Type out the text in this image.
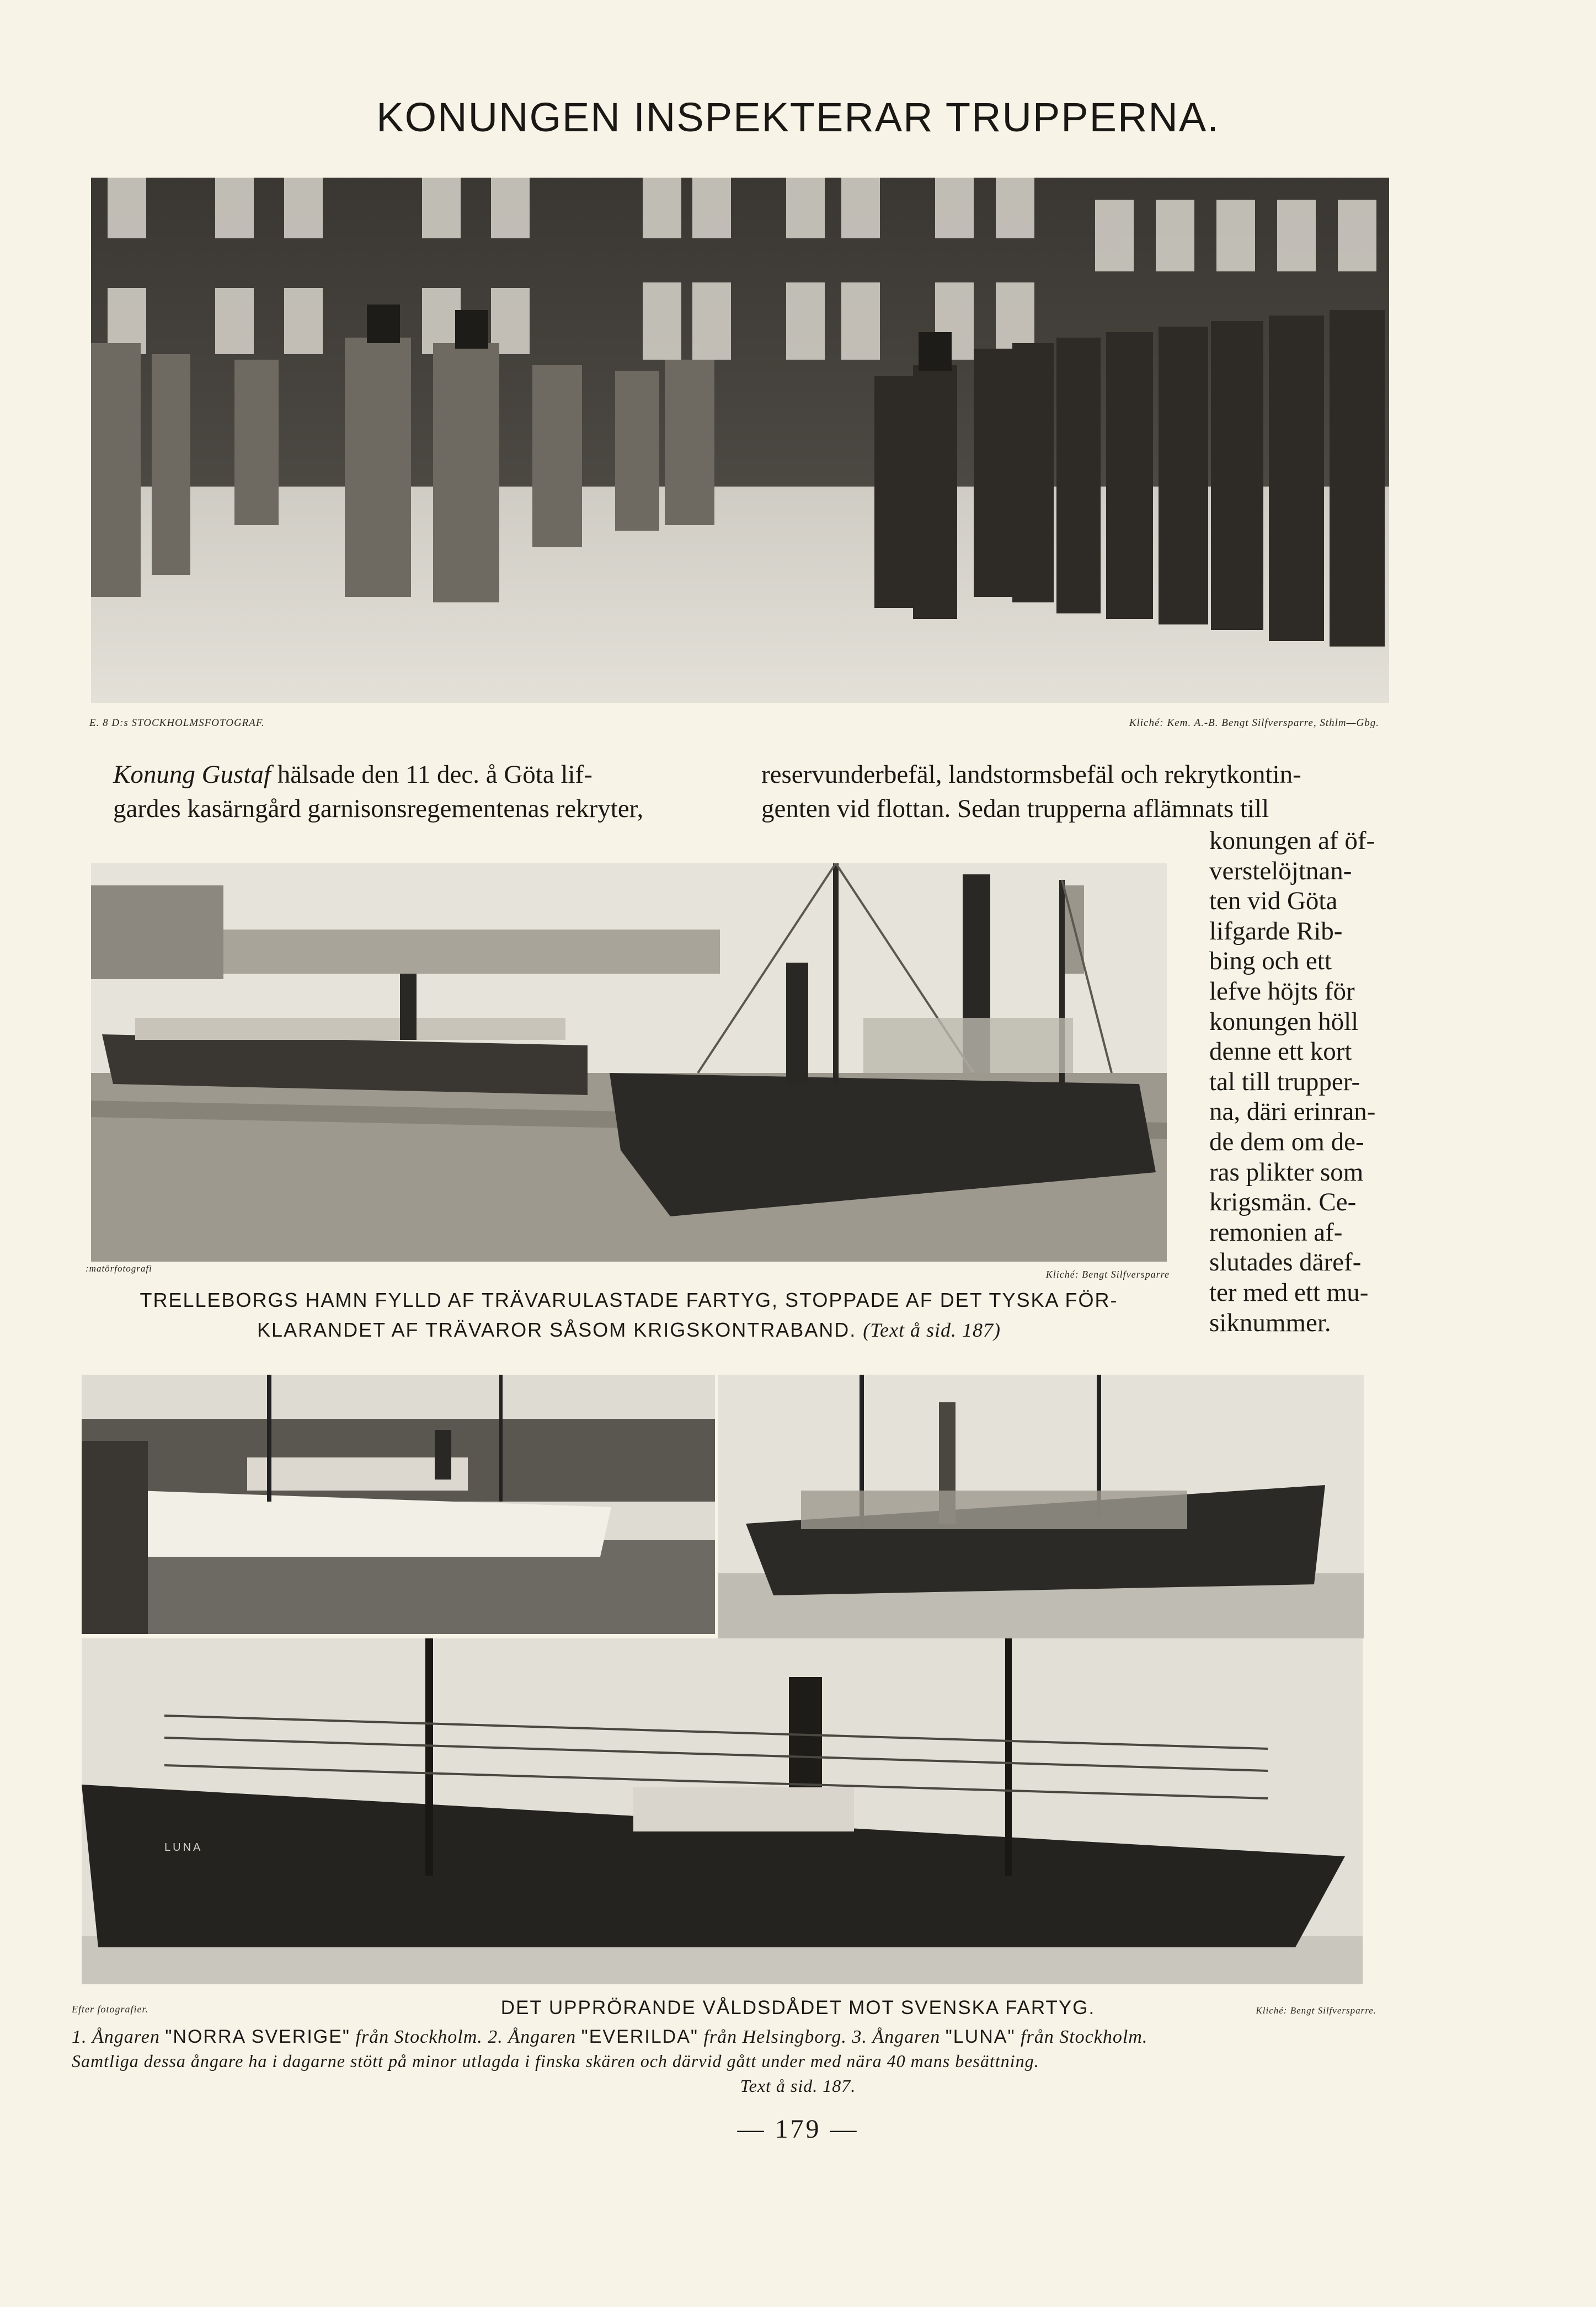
KONUNGEN INSPEKTERAR TRUPPERNA.
E. 8 D:s STOCKHOLMSFOTOGRAF.	Kliché: Kem. A.-B. Bengt Silfversparre, Sthlm—Gbg.
Konung Gustaf hälsade den 11 dec. å Göta lif-
gardes kasärngård garnisonsregementenas rekryter,
reservunderbefäl, landstormsbefäl och rekrytkontin-
genten vid flottan. Sedan trupperna aflämnats till
konungen af öf-
verstelöjtnan-
ten vid Göta
lifgarde Rib-
bing och ett
lefve höjts för
konungen höll
denne ett kort
tal till trupper-
na, däri erinran-
de dem om de-
ras plikter som
krigsmän. Ce-
remonien af-
slutades däref-
ter med ett mu-
siknummer.
:matörfotografi
Kliché: Bengt Silfversparre
TRELLEBORGS HAMN FYLLD AF TRÄVARULASTADE FARTYG, STOPPADE AF DET TYSKA FÖR-
KLARANDET AF TRÄVAROR SÅSOM KRIGSKONTRABAND. (Text å sid. 187)
LUNA
Efter fotografier.	DET UPPRÖRANDE VÅLDSDÅDET MOT SVENSKA FARTYG.	Kliché: Bengt Silfversparre.
1. Ångaren "NORRA SVERIGE" från Stockholm. 2. Ångaren "EVERILDA" från Helsingborg. 3. Ångaren "LUNA" från Stockholm.
Samtliga dessa ångare ha i dagarne stött på minor utlagda i finska skären och därvid gått under med nära 40 mans besättning.
Text å sid. 187.
— 179 —
